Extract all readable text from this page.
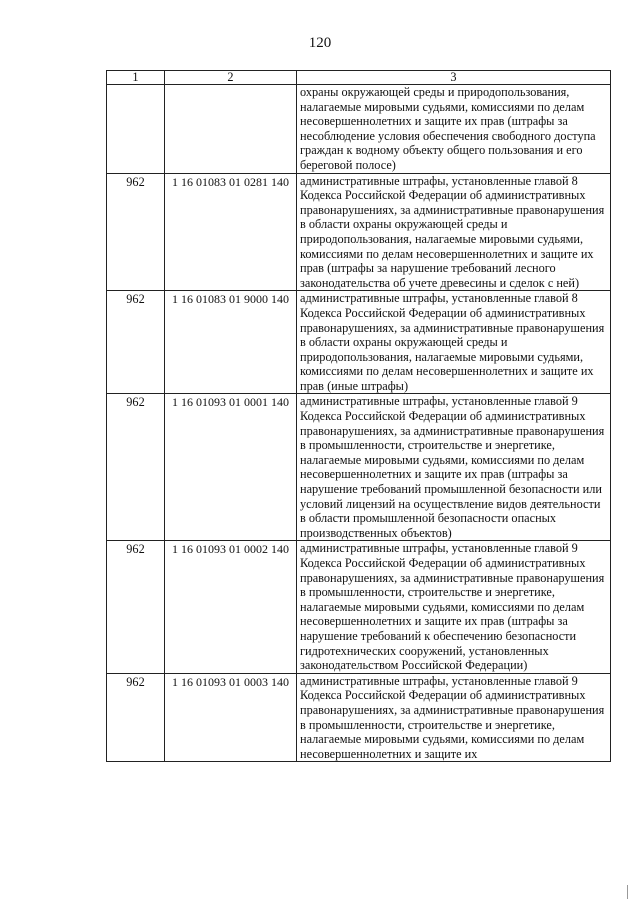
120
1	2	3
		охраны окружающей среды и природопользования, налагаемые мировыми судьями, комиссиями по делам несовершеннолетних и защите их прав (штрафы за несоблюдение условия обеспечения свободного доступа граждан к водному объекту общего пользования и его береговой полосе)
962	1 16 01083 01 0281 140	административные штрафы, установленные главой 8 Кодекса Российской Федерации об административных правонарушениях, за административные правонарушения в области охраны окружающей среды и природопользования, налагаемые мировыми судьями, комиссиями по делам несовершеннолетних и защите их прав (штрафы за нарушение требований лесного законодательства об учете древесины и сделок с ней)
962	1 16 01083 01 9000 140	административные штрафы, установленные главой 8 Кодекса Российской Федерации об административных правонарушениях, за административные правонарушения в области охраны окружающей среды и природопользования, налагаемые мировыми судьями, комиссиями по делам несовершеннолетних и защите их прав (иные штрафы)
962	1 16 01093 01 0001 140	административные штрафы, установленные главой 9 Кодекса Российской Федерации об административных правонарушениях, за административные правонарушения в промышленности, строительстве и энергетике, налагаемые мировыми судьями, комиссиями по делам несовершеннолетних и защите их прав (штрафы за нарушение требований промышленной безопасности или условий лицензий на осуществление видов деятельности в области промышленной безопасности опасных производственных объектов)
962	1 16 01093 01 0002 140	административные штрафы, установленные главой 9 Кодекса Российской Федерации об административных правонарушениях, за административные правонарушения в промышленности, строительстве и энергетике, налагаемые мировыми судьями, комиссиями по делам несовершеннолетних и защите их прав (штрафы за нарушение требований к обеспечению безопасности гидротехнических сооружений, установленных законодательством Российской Федерации)
962	1 16 01093 01 0003 140	административные штрафы, установленные главой 9 Кодекса Российской Федерации об административных правонарушениях, за административные правонарушения в промышленности, строительстве и энергетике, налагаемые мировыми судьями, комиссиями по делам несовершеннолетних и защите их
